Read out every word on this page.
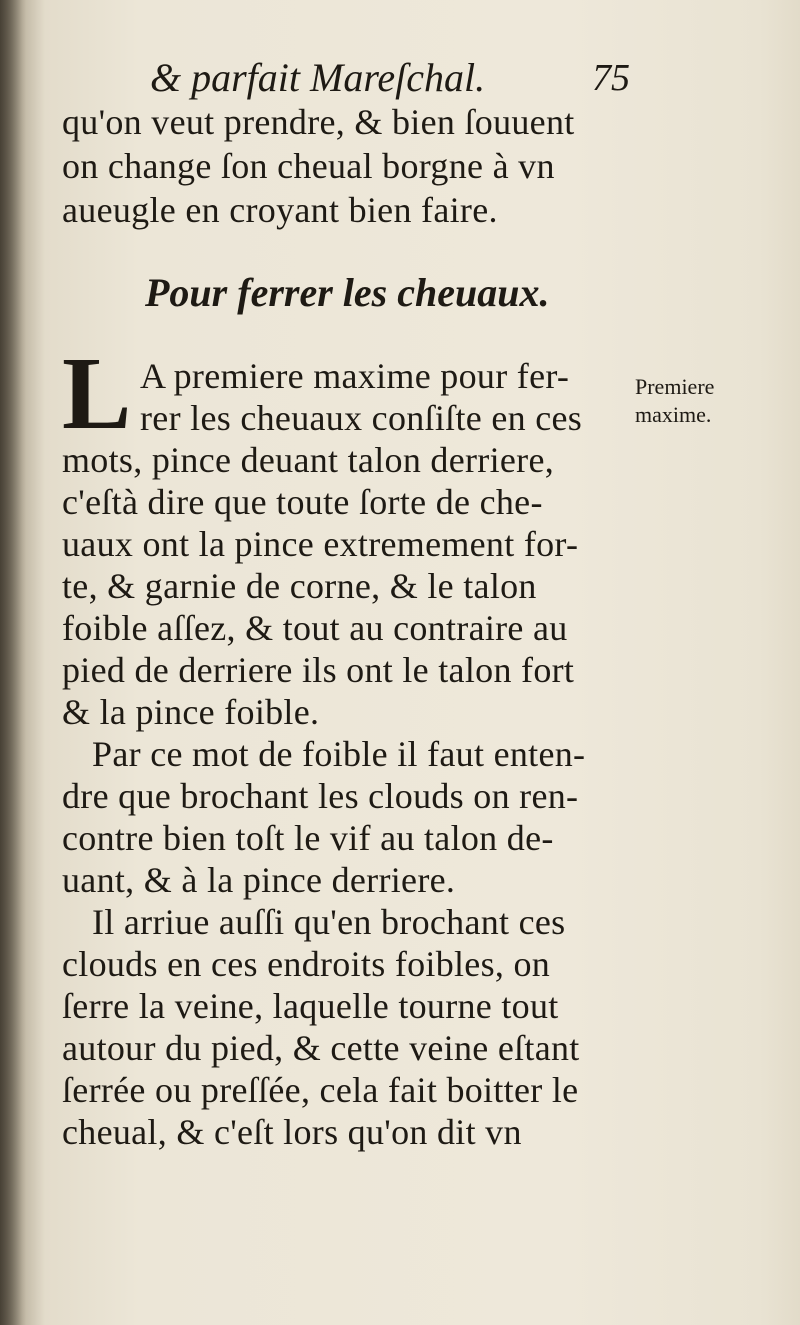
& parfait Mareſchal.	75
qu'on veut prendre, & bien ſouuent
on change ſon cheual borgne à vn
aueugle en croyant bien faire.
Pour ferrer les cheuaux.
L A premiere maxime pour fer-
rer les cheuaux conſiſte en ces
Premiere
maxime.
mots, pince deuant talon derriere,
c'eſtà dire que toute ſorte de che-
uaux ont la pince extremement for-
te, & garnie de corne, & le talon
foible aſſez, & tout au contraire au
pied de derriere ils ont le talon fort
& la pince foible.
Par ce mot de foible il faut enten-
dre que brochant les clouds on ren-
contre bien toſt le vif au talon de-
uant, & à la pince derriere.
Il arriue auſſi qu'en brochant ces
clouds en ces endroits foibles, on
ſerre la veine, laquelle tourne tout
autour du pied, & cette veine eſtant
ſerrée ou preſſée, cela fait boitter le
cheual, & c'eſt lors qu'on dit vn
